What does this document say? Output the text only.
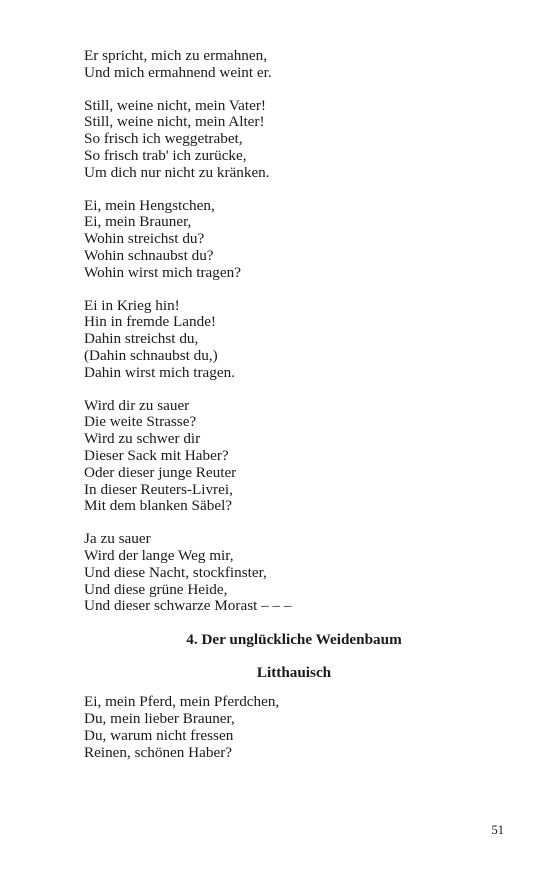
Er spricht, mich zu ermahnen,
Und mich ermahnend weint er.
Still, weine nicht, mein Vater!
Still, weine nicht, mein Alter!
So frisch ich weggetrabet,
So frisch trab' ich zurücke,
Um dich nur nicht zu kränken.
Ei, mein Hengstchen,
Ei, mein Brauner,
Wohin streichst du?
Wohin schnaubst du?
Wohin wirst mich tragen?
Ei in Krieg hin!
Hin in fremde Lande!
Dahin streichst du,
(Dahin schnaubst du,)
Dahin wirst mich tragen.
Wird dir zu sauer
Die weite Strasse?
Wird zu schwer dir
Dieser Sack mit Haber?
Oder dieser junge Reuter
In dieser Reuters-Livrei,
Mit dem blanken Säbel?
Ja zu sauer
Wird der lange Weg mir,
Und diese Nacht, stockfinster,
Und diese grüne Heide,
Und dieser schwarze Morast – – –
4. Der unglückliche Weidenbaum
Litthauisch
Ei, mein Pferd, mein Pferdchen,
Du, mein lieber Brauner,
Du, warum nicht fressen
Reinen, schönen Haber?
51
